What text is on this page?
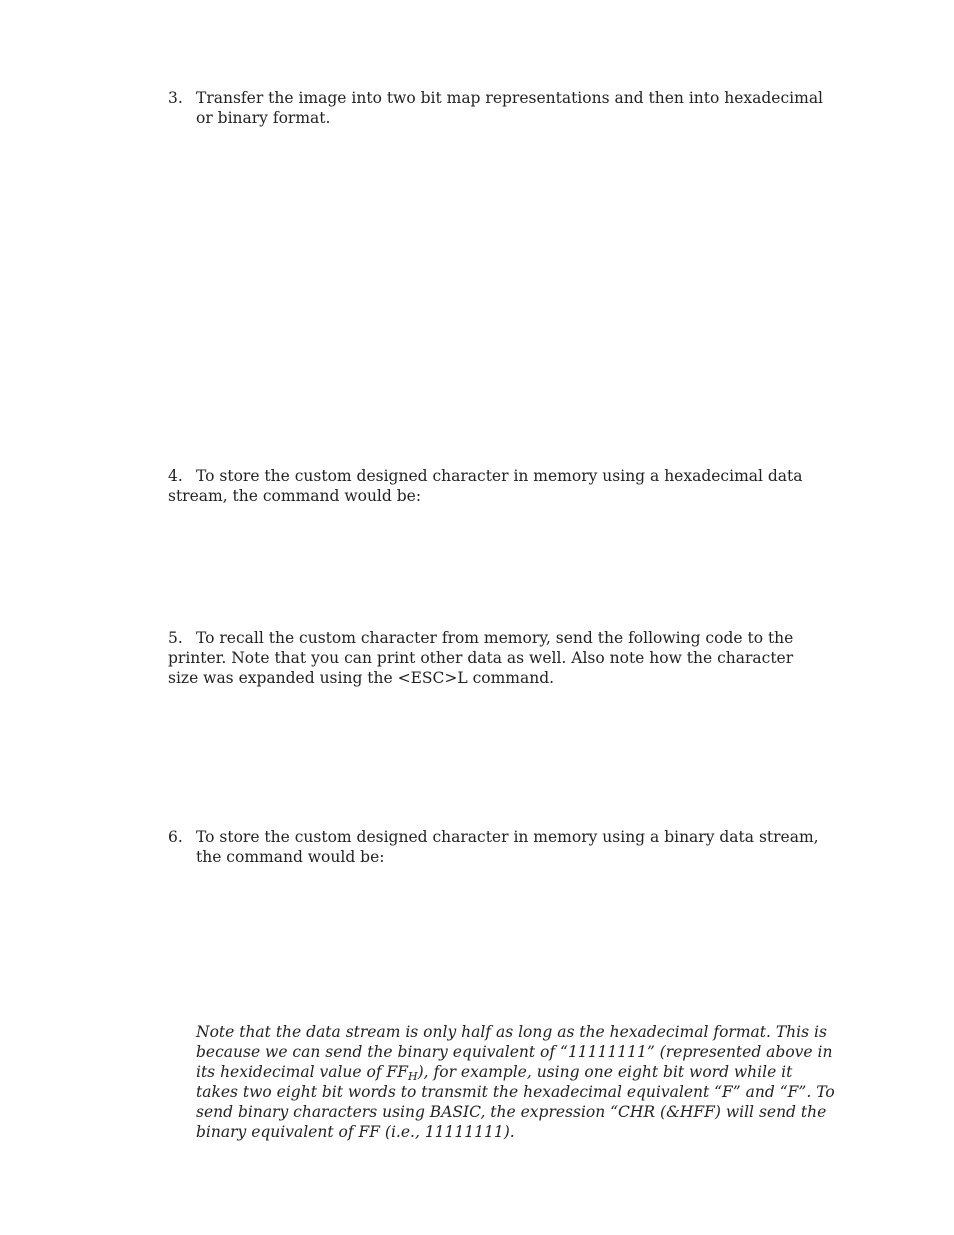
3. Transfer the image into two bit map representations and then into hexadecimal or binary format.

4. To store the custom designed character in memory using a hexadecimal data stream, the command would be:

5. To recall the custom character from memory, send the following code to the printer. Note that you can print other data as well. Also note how the character size was expanded using the <ESC>L command.

6. To store the custom designed character in memory using a binary data stream, the command would be:

Note that the data stream is only half as long as the hexadecimal format. This is because we can send the binary equivalent of “11111111” (represented above in its hexidecimal value of $FF_H$), for example, using one eight bit word while it takes two eight bit words to transmit the hexadecimal equivalent “F” and “F”. To send binary characters using BASIC, the expression “CHR (&HFF) will send the binary equivalent of FF (i.e., 11111111).
